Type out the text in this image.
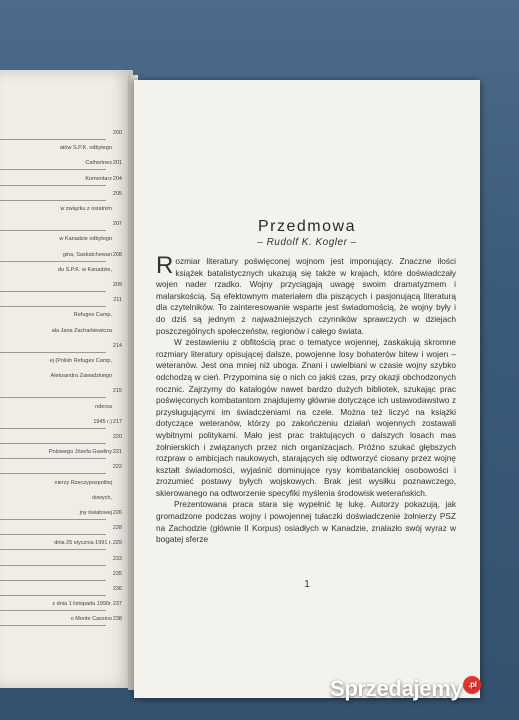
200
atów S.P.K. odbytego
Catherines 201
Komentarz 204
205
w związku z ostatnim
207
w Kanadzie odbytego
gina, Saskatchewan 208
du S.P.K. w Kanadzie,
209
211
Refuges Camp,
ala Jana Zacharkiewicza
214
ej (Polish Refuges Camp,
Aleksandra Zawadzkiego
215
ndersa
1945 r.) 217
220
Polowego Józefa Gawliny 221
222
nierzy Rzeczypospolitej
dowych,
jny światowej 226
228
dnia 25 stycznia 1991 r. 229
233
235
236
z dnia 1 listopada 1990r. 237
o Monte Cassino 238
Przedmowa
– Rudolf K. Kogler –

Rozmiar literatury poświęconej wojnom jest imponujący. Znaczne ilości książek batalistycznych ukazują się także w krajach, które doświadczały wojen nader rzadko. Wojny przyciągają uwagę swoim dramatyzmem i malarskością. Są efektownym materiałem dla piszących i pasjonującą literaturą dla czytelników. To zainteresowanie wsparte jest świadomością, że wojny były i do dziś są jednym z najważniejszych czynników sprawczych w dziejach poszczególnych społeczeństw, regionów i całego świata.

W zestawieniu z obfitością prac o tematyce wojennej, zaskakują skromne rozmiary literatury opisującej dalsze, powojenne losy bohaterów bitew i wojen – weteranów. Jest ona mniej niż uboga. Znani i uwielbiani w czasie wojny szybko odchodzą w cień. Przypomina się o nich co jakiś czas, przy okazji obchodzonych rocznic. Zajrzymy do katalogów nawet bardzo dużych bibliotek, szukając prac poświęconych kombatantom znajdujemy głównie dotyczące ich ustawodawstwo z przysługującymi im świadczeniami na czele. Można też liczyć na książki dotyczące weteranów, którzy po zakończeniu działań wojennych zostawali wybitnymi politykami. Mało jest prac traktujących o dalszych losach mas żołnierskich i związanych przez nich organizacjach. Próżno szukać głębszych rozpraw o ambicjach naukowych, starających się odtworzyć ciosany przez wojnę kształt świadomości, wyjaśnić dominujące rysy kombatanckiej osobowości i zrozumieć postawy byłych wojskowych. Brak jest wysiłku poznawczego, skierowanego na odtworzenie specyfiki myślenia środowisk weterańskich.

Prezentowana praca stara się wypełnić tę lukę. Autorzy pokazują, jak gromadzone podczas wojny i powojennej tułaczki doświadczenie żołnierzy PSZ na Zachodzie (głównie II Korpus) osiadłych w Kanadzie, znalazło swój wyraz w bogatej sferze

1
Sprzedajemy .pl
